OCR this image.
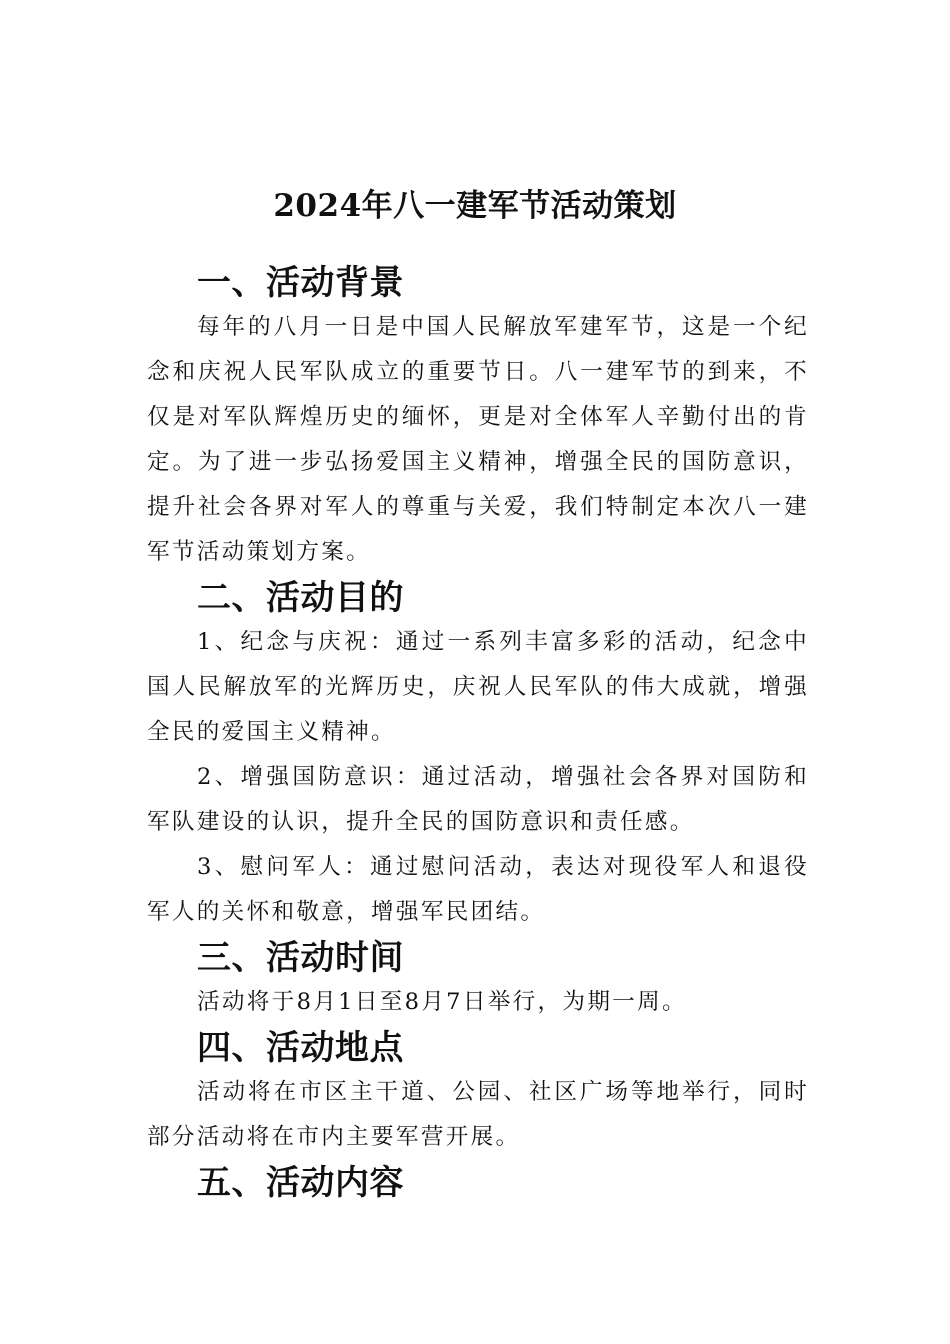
2024年八一建军节活动策划
一、活动背景

每年的八月一日是中国人民解放军建军节，这是一个纪念和庆祝人民军队成立的重要节日。八一建军节的到来，不仅是对军队辉煌历史的缅怀，更是对全体军人辛勤付出的肯定。为了进一步弘扬爱国主义精神，增强全民的国防意识，提升社会各界对军人的尊重与关爱，我们特制定本次八一建军节活动策划方案。

二、活动目的

1、纪念与庆祝：通过一系列丰富多彩的活动，纪念中国人民解放军的光辉历史，庆祝人民军队的伟大成就，增强全民的爱国主义精神。

2、增强国防意识：通过活动，增强社会各界对国防和军队建设的认识，提升全民的国防意识和责任感。

3、慰问军人：通过慰问活动，表达对现役军人和退役军人的关怀和敬意，增强军民团结。

三、活动时间

活动将于8月1日至8月7日举行，为期一周。

四、活动地点

活动将在市区主干道、公园、社区广场等地举行，同时部分活动将在市内主要军营开展。

五、活动内容
